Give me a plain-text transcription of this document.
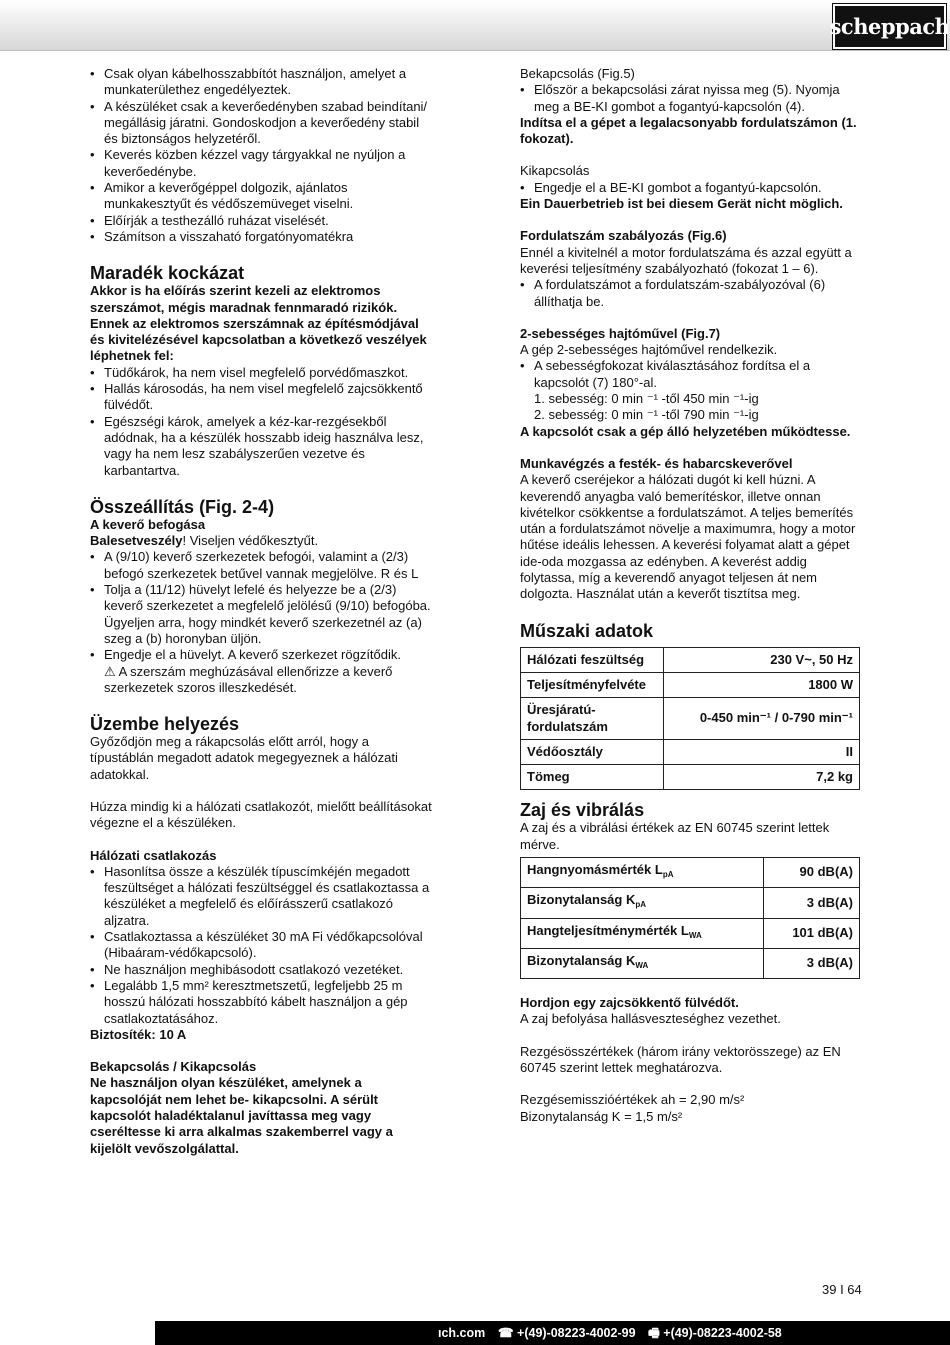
scheppach
• Csak olyan kábelhosszabbítót használjon, amelyet a munkaterülethez engedélyeztek.
• A készüléket csak a keverőedényben szabad beindítani/ megállásig járatni. Gondoskodjon a keverőedény stabil és biztonságos helyzetéről.
• Keverés közben kézzel vagy tárgyakkal ne nyúljon a keverőedénybe.
• Amikor a keverőgéppel dolgozik, ajánlatos munkakesztyűt és védőszemüveget viselni.
• Előírják a testhezálló ruházat viselését.
• Számítson a visszaható forgatónyomatékra

Maradék kockázat

Akkor is ha előírás szerint kezeli az elektromos szerszámot, mégis maradnak fennmaradó rizikók. Ennek az elektromos szerszámnak az építésmódjával és kivitelézésével kapcsolatban a következő veszélyek léphetnek fel:

• Tüdőkárok, ha nem visel megfelelő porvédőmaszkot.
• Hallás károsodás, ha nem visel megfelelő zajcsökkentő fülvédőt.
• Egészségi károk, amelyek a kéz-kar-rezgésekből adódnak, ha a készülék hosszabb ideig használva lesz, vagy ha nem lesz szabályszerűen vezetve és karbantartva.

Összeállítás (Fig. 2-4)

A keverő befogása

Balesetveszély! Viseljen védőkesztyűt.

• A (9/10) keverő szerkezetek befogói, valamint a (2/3) befogó szerkezetek betűvel vannak megjelölve. R és L
• Tolja a (11/12) hüvelyt lefelé és helyezze be a (2/3) keverő szerkezetet a megfelelő jelölésű (9/10) befogóba.
Ügyeljen arra, hogy mindkét keverő szerkezetnél az (a) szeg a (b) horonyban üljön.
• Engedje el a hüvelyt. A keverő szerkezet rögzítődik.
⚠ A szerszám meghúzásával ellenőrizze a keverő szerkezetek szoros illeszkedését.

Üzembe helyezés

Győződjön meg a rákapcsolás előtt arról, hogy a típustáblán megadott adatok megegyeznek a hálózati adatokkal.

Húzza mindig ki a hálózati csatlakozót, mielőtt beállításokat végezne el a készüléken.

Hálózati csatlakozás

• Hasonlítsa össze a készülék típuscímkéjén megadott feszültséget a hálózati feszültséggel és csatlakoztassa a készüléket a megfelelő és előírásszerű csatlakozó aljzatra.
• Csatlakoztassa a készüléket 30 mA Fi védőkapcsolóval (Hibaáram-védőkapcsoló).
• Ne használjon meghibásodott csatlakozó vezetéket.
• Legalább 1,5 mm² keresztmetszetű, legfeljebb 25 m hosszú hálózati hosszabbító kábelt használjon a gép csatlakoztatásához.

Biztosíték: 10 A

Bekapcsolás / Kikapcsolás

Ne használjon olyan készüléket, amelynek a kapcsolóját nem lehet be- kikapcsolni. A sérült kapcsolót haladéktalanul javíttassa meg vagy cseréltesse ki arra alkalmas szakemberrel vagy a kijelölt vevőszolgálattal.

Bekapcsolás (Fig.5)

• Először a bekapcsolási zárat nyissa meg (5). Nyomja meg a BE-KI gombot a fogantyú-kapcsolón (4).

Indítsa el a gépet a legalacsonyabb fordulatszámon (1. fokozat).

Kikapcsolás

• Engedje el a BE-KI gombot a fogantyú-kapcsolón.

Ein Dauerbetrieb ist bei diesem Gerät nicht möglich.

Fordulatszám szabályozás (Fig.6)

Ennél a kivitelnél a motor fordulatszáma és azzal együtt a keverési teljesítmény szabályozható (fokozat 1 – 6).

• A fordulatszámot a fordulatszám-szabályozóval (6) állíthatja be.

2-sebességes hajtóművel (Fig.7)

A gép 2-sebességes hajtóművel rendelkezik.

• A sebességfokozat kiválasztásához fordítsa el a kapcsolót (7) 180°-al.

1. sebesség: 0 min ⁻¹ -től 450 min ⁻¹-ig

2. sebesség: 0 min ⁻¹ -től 790 min ⁻¹-ig

A kapcsolót csak a gép álló helyzetében működtesse.

Munkavégzés a festék- és habarcskeverővel

A keverő cseréjekor a hálózati dugót ki kell húzni. A keverendő anyagba való bemerítéskor, illetve onnan kivételkor csökkentse a fordulatszámot. A teljes bemerítés után a fordulatszámot növelje a maximumra, hogy a motor hűtése ideális lehessen. A keverési folyamat alatt a gépet ide-oda mozgassa az edényben. A keverést addig folytassa, míg a keverendő anyagot teljesen át nem dolgozta. Használat után a keverőt tisztítsa meg.

Műszaki adatok

Hálózati feszültség	230 V~, 50 Hz
Teljesítményfelvéte	1800 W
Üresjáratú-fordulatszám	0-450 min⁻¹ / 0-790 min⁻¹
Védőosztály	II
Tömeg	7,2 kg

Zaj és vibrálás

A zaj és a vibrálási értékek az EN 60745 szerint lettek mérve.

Hangnyomásmérték $L_{pA}$	90 dB(A)
Bizonytalanság $K_{pA}$	3 dB(A)
Hangteljesítménymérték $L_{WA}$	101 dB(A)
Bizonytalanság $K_{WA}$	3 dB(A)

Hordjon egy zajcsökkentő fülvédőt.

A zaj befolyása hallásveszteséghez vezethet.

Rezgésösszértékek (három irány vektorösszege) az EN 60745 szerint lettek meghatározva.

Rezgésemisszióértékek ah = 2,90 m/s²

Bizonytalanság K = 1,5 m/s²

39 I 64
ıch.com ☎ +(49)-08223-4002-99 🖷 +(49)-08223-4002-58
